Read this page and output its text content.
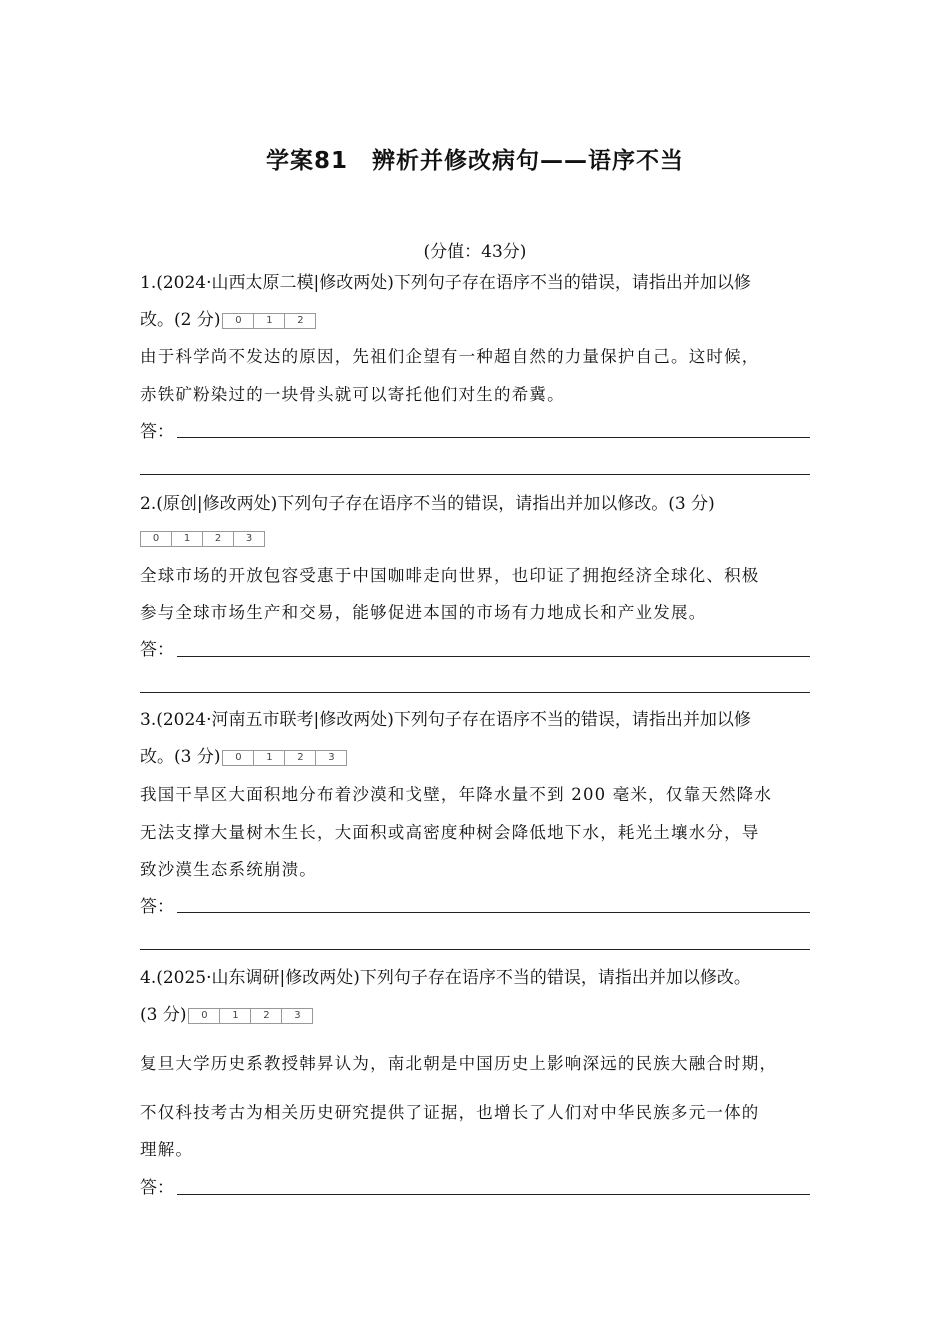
学案81　辨析并修改病句——语序不当
(分值：43分)
1.(2024·山西太原二模|修改两处)下列句子存在语序不当的错误，请指出并加以修
改。(2 分)	0	1	2
由于科学尚不发达的原因，先祖们企望有一种超自然的力量保护自己。这时候，
赤铁矿粉染过的一块骨头就可以寄托他们对生的希冀。
答：
2.(原创|修改两处)下列句子存在语序不当的错误，请指出并加以修改。(3 分)
0	1	2	3
全球市场的开放包容受惠于中国咖啡走向世界，也印证了拥抱经济全球化、积极
参与全球市场生产和交易，能够促进本国的市场有力地成长和产业发展。
答：
3.(2024·河南五市联考|修改两处)下列句子存在语序不当的错误，请指出并加以修
改。(3 分)	0	1	2	3
我国干旱区大面积地分布着沙漠和戈壁，年降水量不到 200 毫米，仅靠天然降水
无法支撑大量树木生长，大面积或高密度种树会降低地下水，耗光土壤水分，导
致沙漠生态系统崩溃。
答：
4.(2025·山东调研|修改两处)下列句子存在语序不当的错误，请指出并加以修改。
(3 分)	0	1	2	3
复旦大学历史系教授韩昇认为，南北朝是中国历史上影响深远的民族大融合时期，
不仅科技考古为相关历史研究提供了证据，也增长了人们对中华民族多元一体的
理解。
答：
